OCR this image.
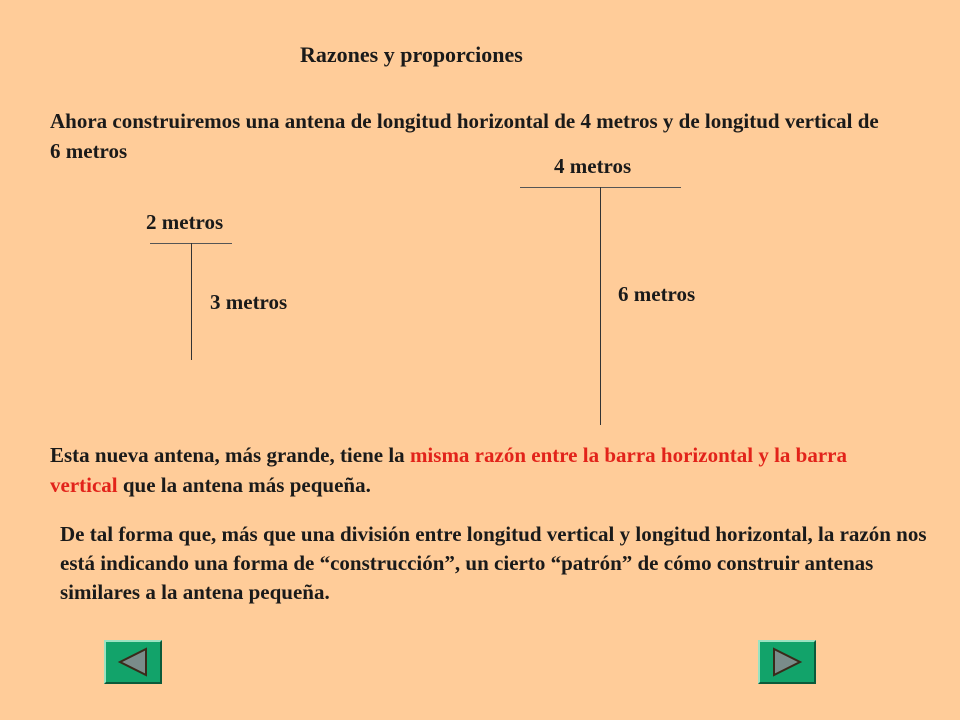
Razones y proporciones
Ahora construiremos una antena de longitud horizontal de 4 metros y de longitud vertical de 6 metros
2 metros
3 metros
4 metros
6 metros
Esta nueva antena, más grande, tiene la misma razón entre la barra horizontal y la barra vertical que la antena más pequeña.
De tal forma que, más que una división entre longitud vertical y longitud horizontal, la razón nos está indicando una forma de “construcción”, un cierto “patrón” de cómo construir antenas similares a la antena pequeña.
